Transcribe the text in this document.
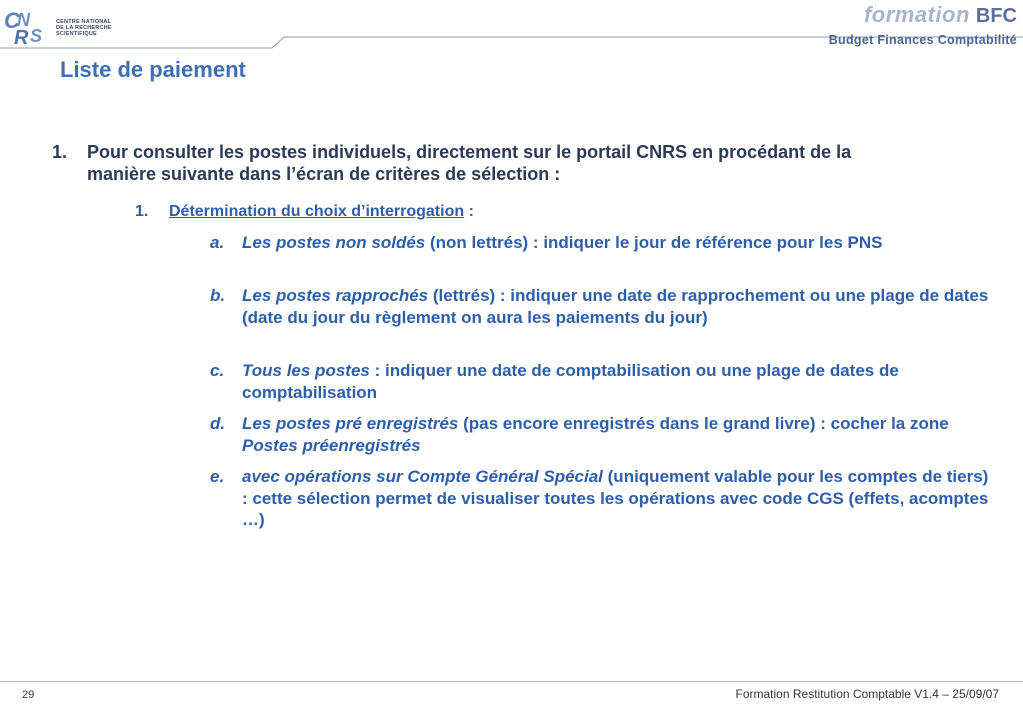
C
N
R S
CENTRE NATIONAL
DE LA RECHERCHE
SCIENTIFIQUE
formation BFC
Budget Finances Comptabilité
Liste de paiement
1. Pour consulter les postes individuels, directement sur le portail CNRS en procédant de la manière suivante dans l’écran de critères de sélection :
1. Détermination du choix d’interrogation :
a. Les postes non soldés (non lettrés) : indiquer le jour de référence pour les PNS
b. Les postes rapprochés (lettrés) : indiquer une date de rapprochement ou une plage de dates (date du jour du règlement on aura les paiements du jour)
c. Tous les postes : indiquer une date de comptabilisation ou une plage de dates de comptabilisation
d. Les postes pré enregistrés (pas encore enregistrés dans le grand livre) : cocher la zone Postes préenregistrés
e. avec opérations sur Compte Général Spécial (uniquement valable pour les comptes de tiers) : cette sélection permet de visualiser toutes les opérations avec code CGS (effets, acomptes …)
29	Formation Restitution Comptable V1.4 – 25/09/07
